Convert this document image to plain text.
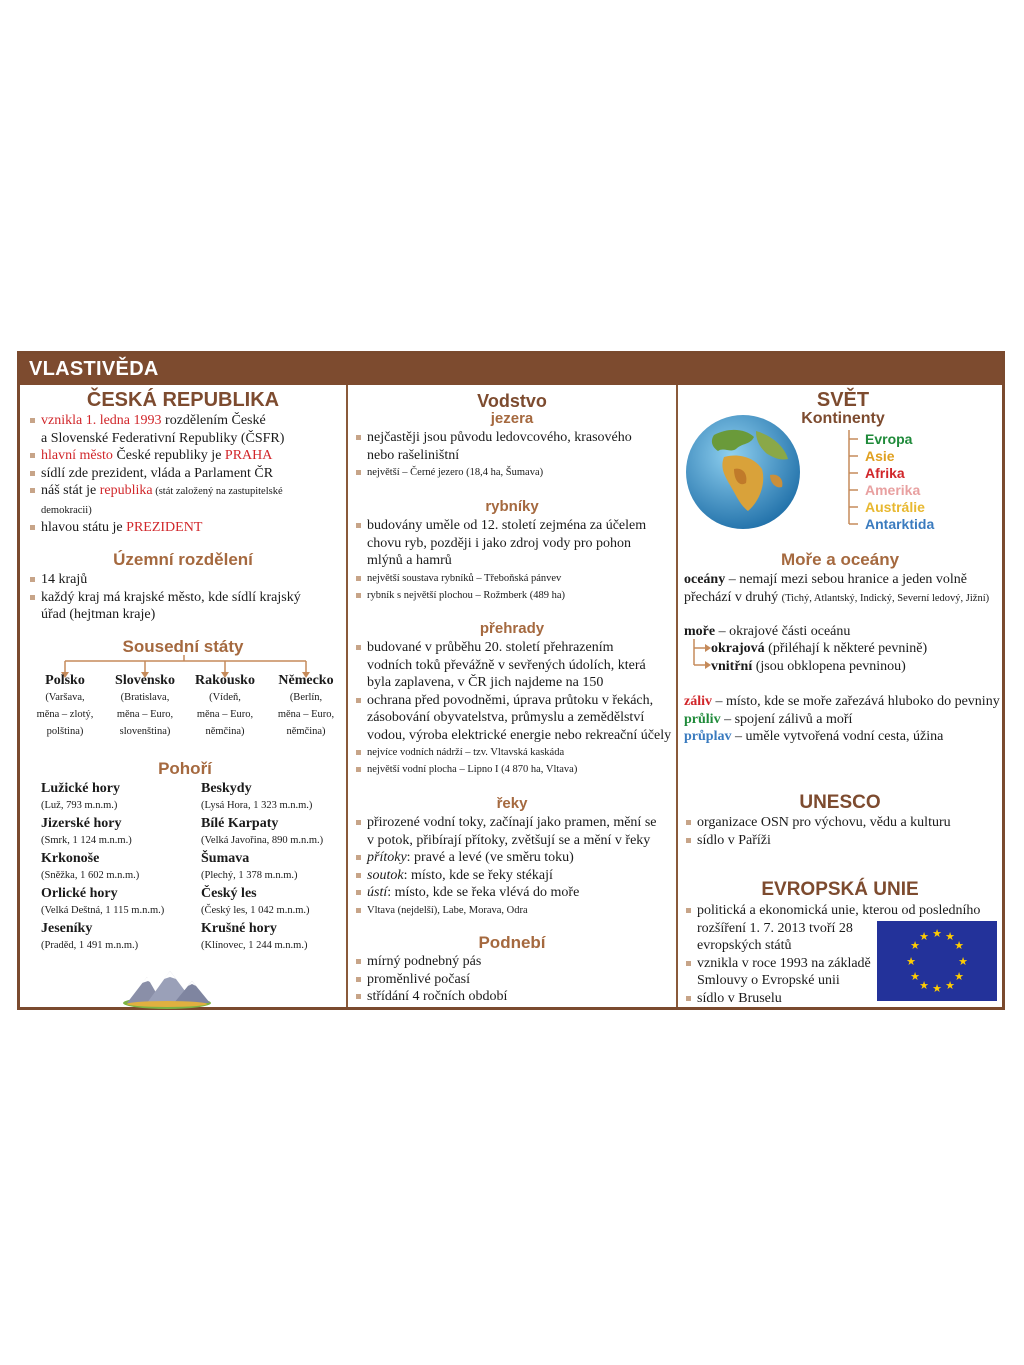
VLASTIVĚDA
ČESKÁ REPUBLIKA
vznikla 1. ledna 1993 rozdělením České
a Slovenské Federativní Republiky (ČSFR)
hlavní město České republiky je PRAHA
sídlí zde prezident, vláda a Parlament ČR
náš stát je republika (stát založený na zastupitelské
demokracii)
hlavou státu je PREZIDENT
Územní rozdělení
14 krajů
každý kraj má krajské město, kde sídlí krajský
úřad (hejtman kraje)
Sousední státy
Polsko
(Varšava,
měna – zlotý,
polština)
Slovensko
(Bratislava,
měna – Euro,
slovenština)
Rakousko
(Vídeň,
měna – Euro,
němčina)
Německo
(Berlín,
měna – Euro,
němčina)
Pohoří
Lužické hory
(Luž, 793 m.n.m.)
Jizerské hory
(Smrk, 1 124 m.n.m.)
Krkonoše
(Sněžka, 1 602 m.n.m.)
Orlické hory
(Velká Deštná, 1 115 m.n.m.)
Jeseníky
(Praděd, 1 491 m.n.m.)
Beskydy
(Lysá Hora, 1 323 m.n.m.)
Bílé Karpaty
(Velká Javořina, 890 m.n.m.)
Šumava
(Plechý, 1 378 m.n.m.)
Český les
(Český les, 1 042 m.n.m.)
Krušné hory
(Klínovec, 1 244 m.n.m.)
Vodstvo
jezera
nejčastěji jsou původu ledovcového, krasového
nebo rašeliništní
největší – Černé jezero (18,4 ha, Šumava)
rybníky
budovány uměle od 12. století zejména za účelem
chovu ryb, později i jako zdroj vody pro pohon
mlýnů a hamrů
největší soustava rybníků – Třeboňská pánvev
rybník s největší plochou – Rožmberk (489 ha)
přehrady
budované v průběhu 20. století přehrazením
vodních toků převážně v sevřených údolích, která
byla zaplavena, v ČR jich najdeme na 150
ochrana před povodněmi, úprava průtoku v řekách,
zásobování obyvatelstva, průmyslu a zemědělství
vodou, výroba elektrické energie nebo rekreační účely
nejvíce vodních nádrží – tzv. Vltavská kaskáda
největší vodní plocha – Lipno I (4 870 ha, Vltava)
řeky
přirozené vodní toky, začínají jako pramen, mění se
v potok, přibírají přítoky, zvětšují se a mění v řeky
přítoky: pravé a levé (ve směru toku)
soutok: místo, kde se řeky stékají
ústí: místo, kde se řeka vlévá do moře
Vltava (nejdelší), Labe, Morava, Odra
Podnebí
mírný podnebný pás
proměnlivé počasí
střídání 4 ročních období
SVĚT
Kontinenty
Evropa
Asie
Afrika
Amerika
Austrálie
Antarktida
Moře a oceány
oceány – nemají mezi sebou hranice a jeden volně
přechází v druhý (Tichý, Atlantský, Indický, Severní ledový, Jižní)
moře – okrajové části oceánu
okrajová (přiléhají k některé pevnině)
vnitřní (jsou obklopena pevninou)
záliv – místo, kde se moře zařezává hluboko do pevniny
průliv – spojení zálivů a moří
průplav – uměle vytvořená vodní cesta, úžina
UNESCO
organizace OSN pro výchovu, vědu a kulturu
sídlo v Paříži
EVROPSKÁ UNIE
politická a ekonomická unie, kterou od posledního
rozšíření 1. 7. 2013 tvoří 28
evropských států
vznikla v roce 1993 na základě
Smlouvy o Evropské unii
sídlo v Bruselu
★ ★
★
★
★
★
★
★
★
★
★
★
